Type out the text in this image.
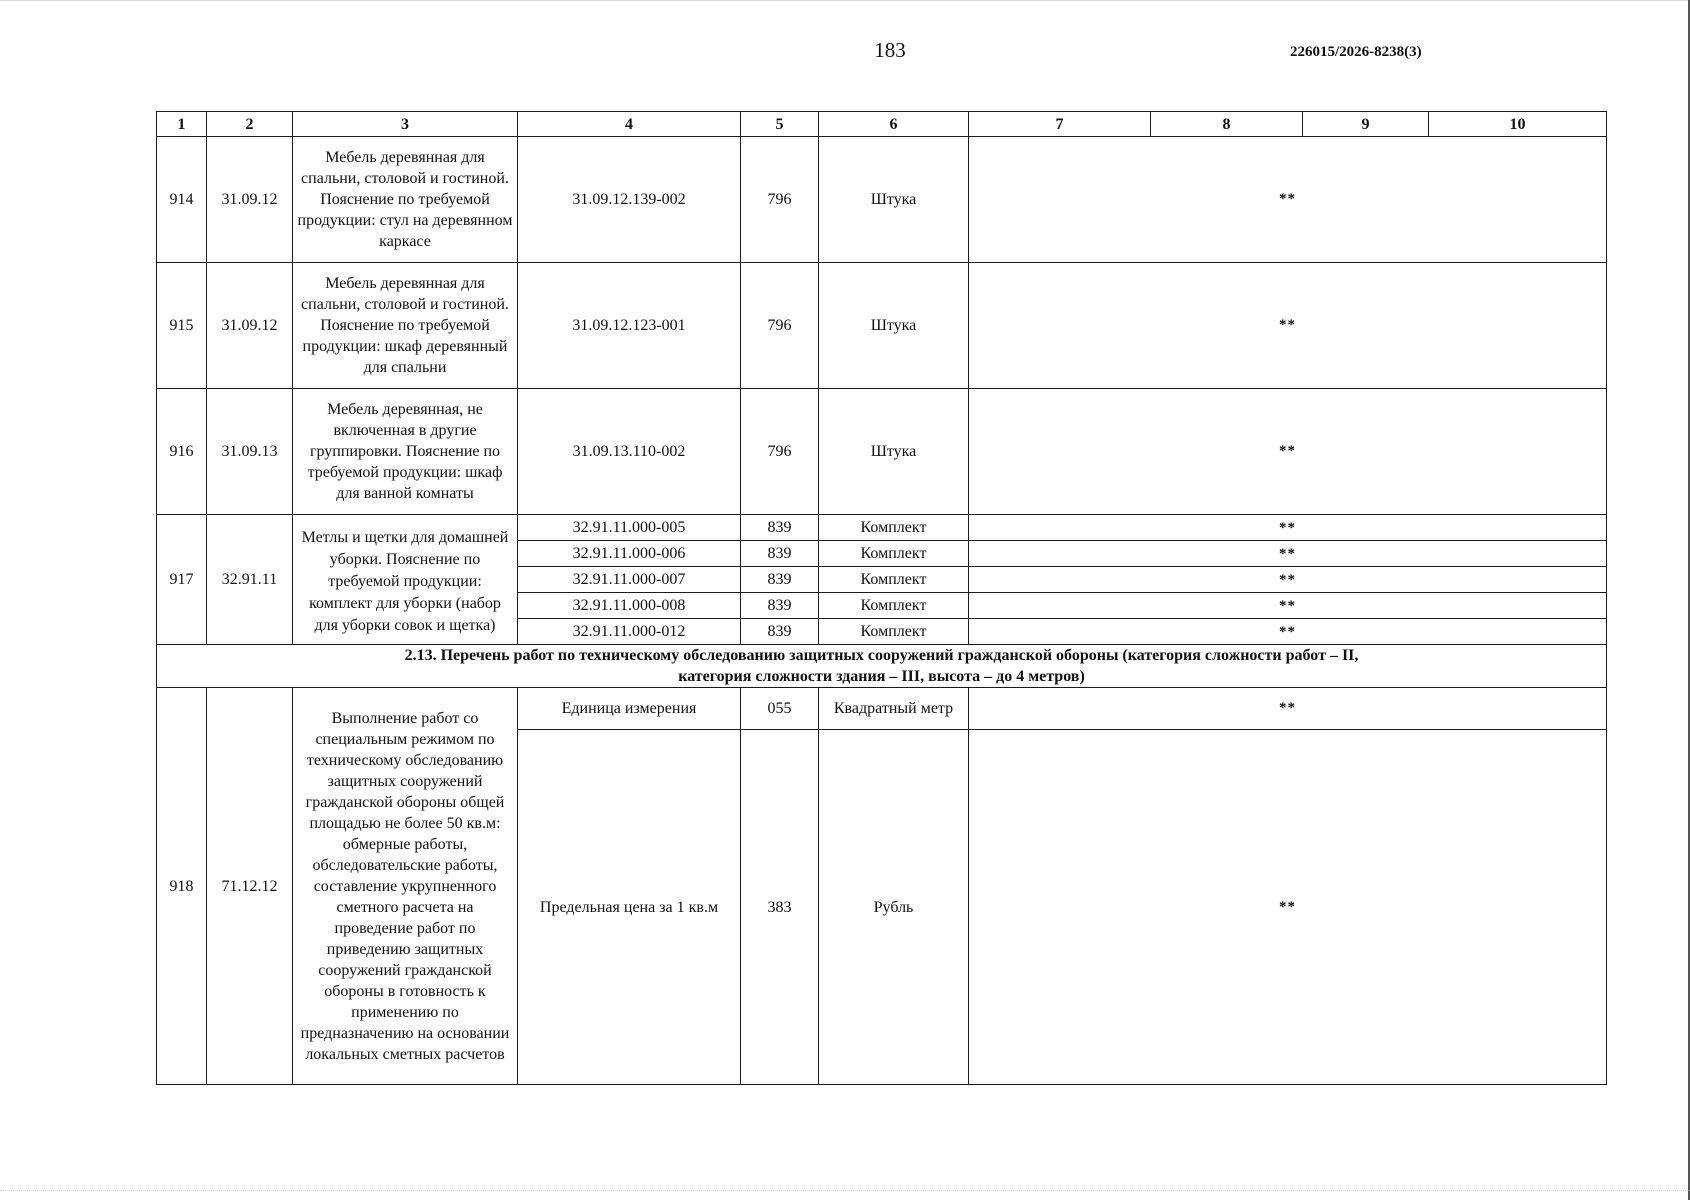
183	226015/2026-8238(3)
1	2	3	4	5	6	7	8	9	10
914	31.09.12	Мебель деревянная для спальни, столовой и гостиной. Пояснение по требуемой продукции: стул на деревянном каркасе	31.09.12.139-002	796	Штука	**			
915	31.09.12	Мебель деревянная для спальни, столовой и гостиной. Пояснение по требуемой продукции: шкаф деревянный для спальни	31.09.12.123-001	796	Штука	**			
916	31.09.13	Мебель деревянная, не включенная в другие группировки. Пояснение по требуемой продукции: шкаф для ванной комнаты	31.09.13.110-002	796	Штука	**			
917	32.91.11	Метлы и щетки для домашней уборки. Пояснение по требуемой продукции: комплект для уборки (набор для уборки совок и щетка)	32.91.11.000-005	839	Комплект	**			
			32.91.11.000-006	839	Комплект	**			
			32.91.11.000-007	839	Комплект	**			
			32.91.11.000-008	839	Комплект	**			
			32.91.11.000-012	839	Комплект	**			

2.13. Перечень работ по техническому обследованию защитных сооружений гражданской обороны (категория сложности работ – II,
категория сложности здания – III, высота – до 4 метров)									

918	71.12.12	Выполнение работ со специальным режимом по техническому обследованию защитных сооружений гражданской обороны общей площадью не более 50 кв.м: обмерные работы, обследовательские работы, составление укрупненного сметного расчета на проведение работ по приведению защитных сооружений гражданской обороны в готовность к применению по предназначению на основании локальных сметных расчетов	Единица измерения	055	Квадратный метр	**			
			Предельная цена за 1 кв.м	383	Рубль	**			
